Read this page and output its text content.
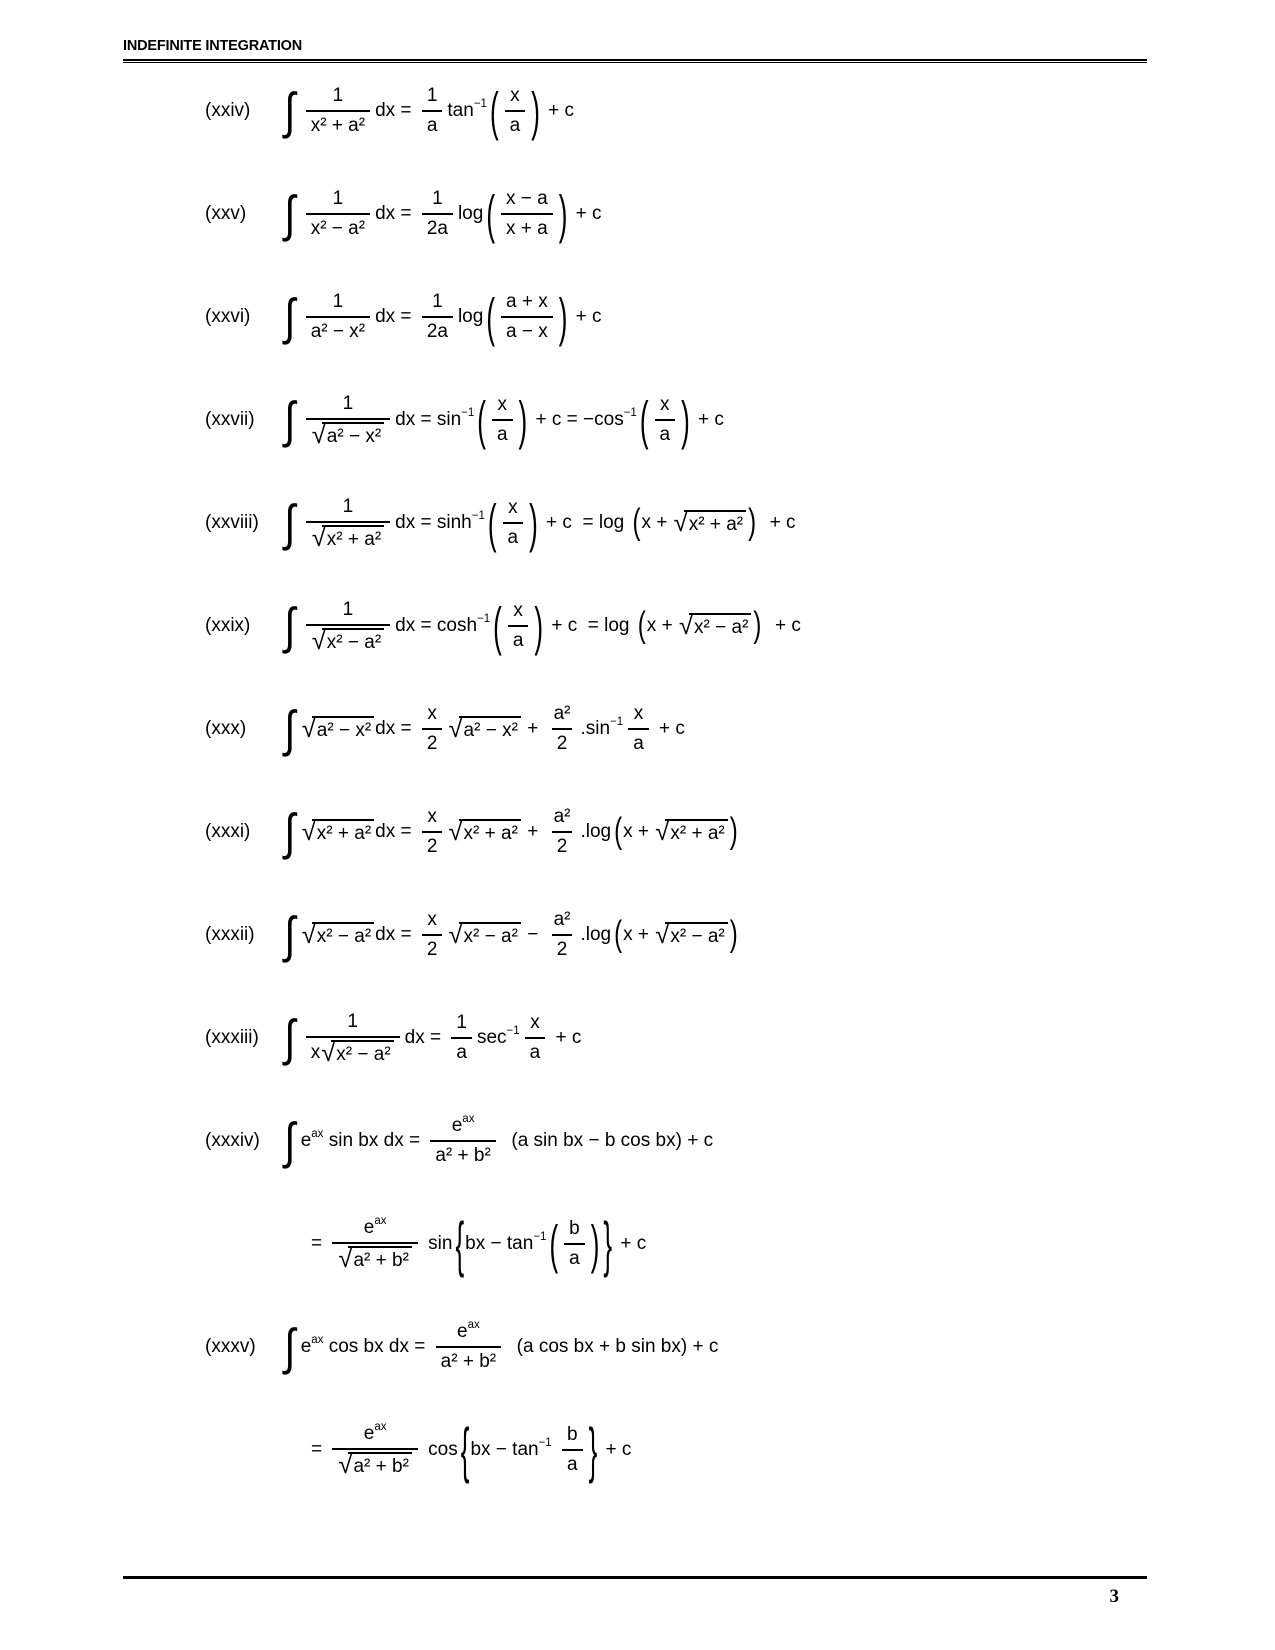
INDEFINITE INTEGRATION
(xxiv) ∫ $\frac{1}{\text{x² + a²}}$ dx = $\frac{1}{a}$ tan −1 ( $\frac{x}{a}$ ) + c
(xxv) ∫ $\frac{1}{\text{x² − a²}}$ dx = $\frac{1}{2a}$ log ( $\frac{x - a}{x + a}$ ) + c
(xxvi) ∫ $\frac{1}{\text{a² − x²}}$ dx = $\frac{1}{2a}$ log ( $\frac{a + x}{a - x}$ ) + c
(xxvii) ∫ $\frac{1}{\text{√ a² − x²}}$ dx = sin −1 ( $\frac{x}{a}$ ) + c = −cos −1 ( $\frac{x}{a}$ ) + c
(xxviii) ∫ $\frac{1}{\text{√ x² + a²}}$ dx = sinh −1 ( $\frac{x}{a}$ ) + c  = log ( x + √ x² + a² ) + c
(xxix) ∫ $\frac{1}{\text{√ x² − a²}}$ dx = cosh −1 ( $\frac{x}{a}$ ) + c  = log ( x + √ x² − a² ) + c
(xxx) ∫ √ a² − x² dx = $\frac{x}{2}$ √ $a^2 - x^2 + \frac{\text{a²}}{2} .\sin -1 \frac{x}{a} + c$
(xxxi) ∫ √ x² + a² dx = $\frac{x}{2}$ √ $x^2 + a^2 + \frac{\text{a²}}{2} .\log$ ( x + √ x² + a² )
(xxxii) ∫ √ x² − a² dx = $\frac{x}{2}$ √ $x^2 - a^2 - \frac{\text{a²}}{2} .\log$ ( x + √ x² − a² )
(xxxiii) ∫ $\frac{1}{\text{x √ x² − a²}}$ dx = $\frac{1}{a}$ $\sec -1 \frac{x}{a} + c$
(xxxiv) ∫ e ax sin bx dx = $\frac{\text{e ax}}{\text{a² + b²}} (a$ sin bx − b cos bx) + c
= $\frac{\text{e ax}}{\text{√ a² + b²}}$ sin { bx − tan −1 ( $\frac{b}{a}$ ) } + c
(xxxv) ∫ e ax cos bx dx = $\frac{\text{e ax}}{\text{a² + b²}} (a$ cos bx + b sin bx) + c
= $\frac{\text{e ax}}{\text{√ a² + b²}}$ cos { bx − tan −1
$\frac{b}{a}$ } + c
3
